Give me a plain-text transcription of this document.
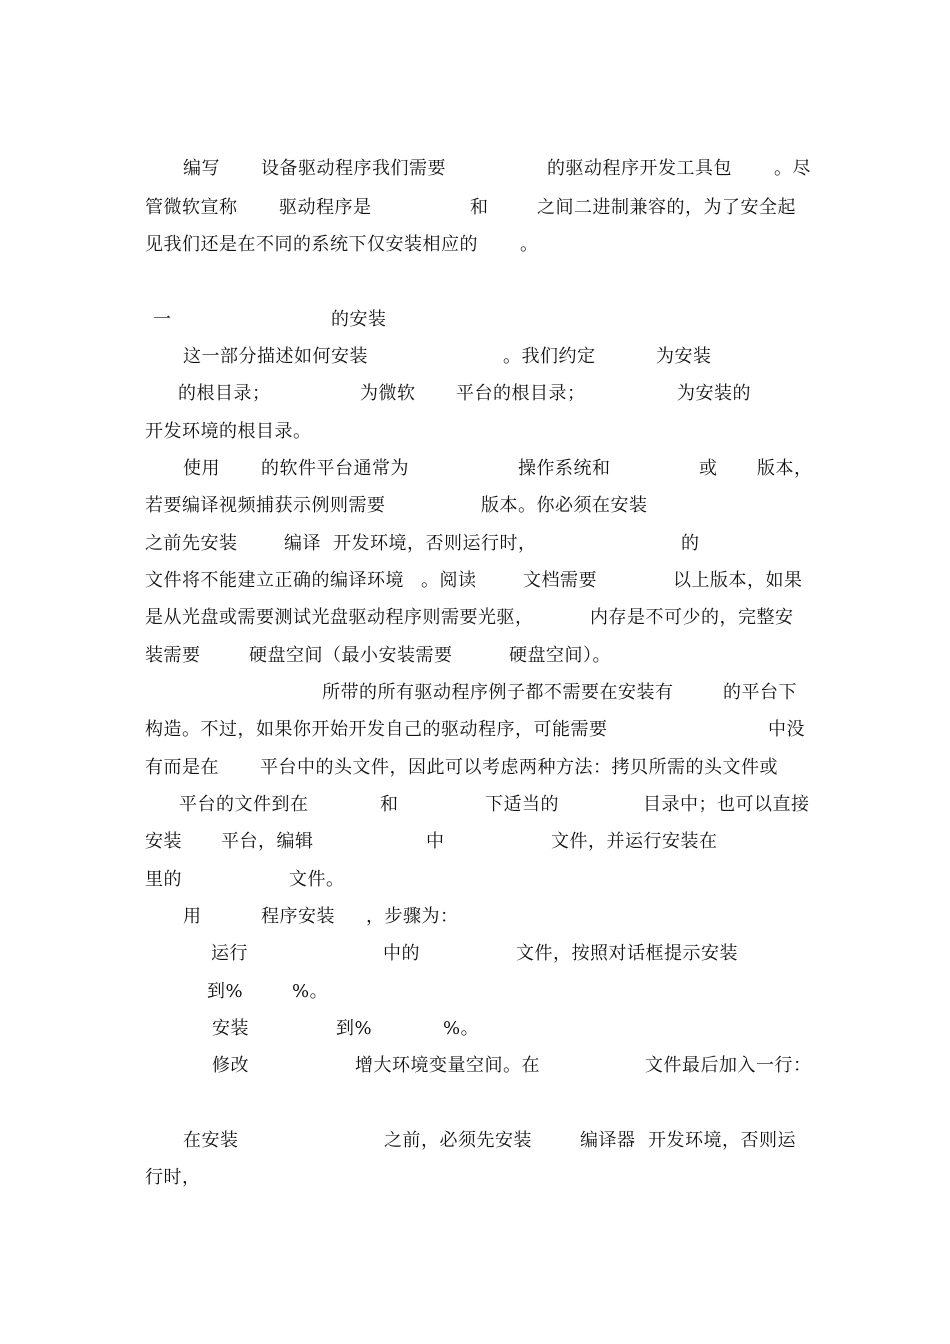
编写 设备驱动程序我们需要	的驱动程序开发工具包 。尽
管微软宣称 驱动程序是	和	之间二进制兼容的，为了安全起
见我们还是在不同的系统下仅安装相应的 。
一	的安装
这一部分描述如何安装	。我们约定	为安装
的根目录；	为微软 平台的根目录；	为安装的
开发环境的根目录。
使用 的软件平台通常为	操作系统和	或 版本，
若要编译视频捕获示例则需要	版本。你必须在安装
之前先安装	编译 开发环境，否则运行时，	的
文件将不能建立正确的编译环境 。阅读	文档需要	以上版本，如果
是从光盘或需要测试光盘驱动程序则需要光驱，	内存是不可少的，完整安
装需要	硬盘空间（最小安装需要	硬盘空间）。
所带的所有驱动程序例子都不需要在安装有	的平台下
构造。不过，如果你开始开发自己的驱动程序，可能需要	中没
有而是在 平台中的头文件，因此可以考虑两种方法：拷贝所需的头文件或
平台的文件到在	和	下适当的	目录中；也可以直接
安装 平台，编辑	中	文件，并运行安装在
里的	文件。
用	程序安装 ，步骤为：
运行	中的	文件，按照对话框提示安装
到%	%。
安装	到%	%。
修改	增大环境变量空间。在	文件最后加入一行：
在安装	之前，必须先安装	编译器 开发环境，否则运
行时，
